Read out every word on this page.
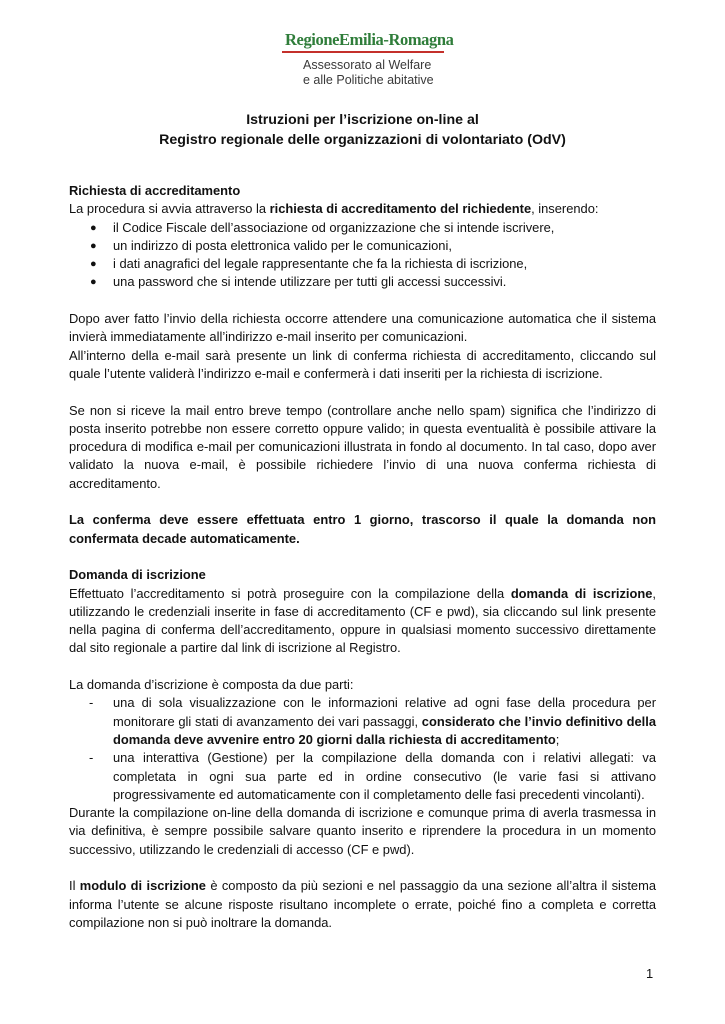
RegioneEmilia-Romagna
Assessorato al Welfare
e alle Politiche abitative
Istruzioni per l’iscrizione on-line al
Registro regionale delle organizzazioni di volontariato (OdV)

Richiesta di accreditamento

La procedura si avvia attraverso la richiesta di accreditamento del richiedente, inserendo:

● il Codice Fiscale dell’associazione od organizzazione che si intende iscrivere,
● un indirizzo di posta elettronica valido per le comunicazioni,
● i dati anagrafici del legale rappresentante che fa la richiesta di iscrizione,
● una password che si intende utilizzare per tutti gli accessi successivi.

Dopo aver fatto l’invio della richiesta occorre attendere una comunicazione automatica che il sistema invierà immediatamente all’indirizzo e-mail inserito per comunicazioni.

All’interno della e-mail sarà presente un link di conferma richiesta di accreditamento, cliccando sul quale l’utente validerà l’indirizzo e-mail e confermerà i dati inseriti per la richiesta di iscrizione.

Se non si riceve la mail entro breve tempo (controllare anche nello spam) significa che l’indirizzo di posta inserito potrebbe non essere corretto oppure valido; in questa eventualità è possibile attivare la procedura di modifica e-mail per comunicazioni illustrata in fondo al documento. In tal caso, dopo aver validato la nuova e-mail, è possibile richiedere l’invio di una nuova conferma richiesta di accreditamento.

La conferma deve essere effettuata entro 1 giorno, trascorso il quale la domanda non confermata decade automaticamente.

Domanda di iscrizione

Effettuato l’accreditamento si potrà proseguire con la compilazione della domanda di iscrizione, utilizzando le credenziali inserite in fase di accreditamento (CF e pwd), sia cliccando sul link presente nella pagina di conferma dell’accreditamento, oppure in qualsiasi momento successivo direttamente dal sito regionale a partire dal link di iscrizione al Registro.

La domanda d’iscrizione è composta da due parti:

- una di sola visualizzazione con le informazioni relative ad ogni fase della procedura per monitorare gli stati di avanzamento dei vari passaggi, considerato che l’invio definitivo della domanda deve avvenire entro 20 giorni dalla richiesta di accreditamento;
- una interattiva (Gestione) per la compilazione della domanda con i relativi allegati: va completata in ogni sua parte ed in ordine consecutivo (le varie fasi si attivano progressivamente ed automaticamente con il completamento delle fasi precedenti vincolanti).

Durante la compilazione on-line della domanda di iscrizione e comunque prima di averla trasmessa in via definitiva, è sempre possibile salvare quanto inserito e riprendere la procedura in un momento successivo, utilizzando le credenziali di accesso (CF e pwd).

Il modulo di iscrizione è composto da più sezioni e nel passaggio da una sezione all’altra il sistema informa l’utente se alcune risposte risultano incomplete o errate, poiché fino a completa e corretta compilazione non si può inoltrare la domanda.

1
